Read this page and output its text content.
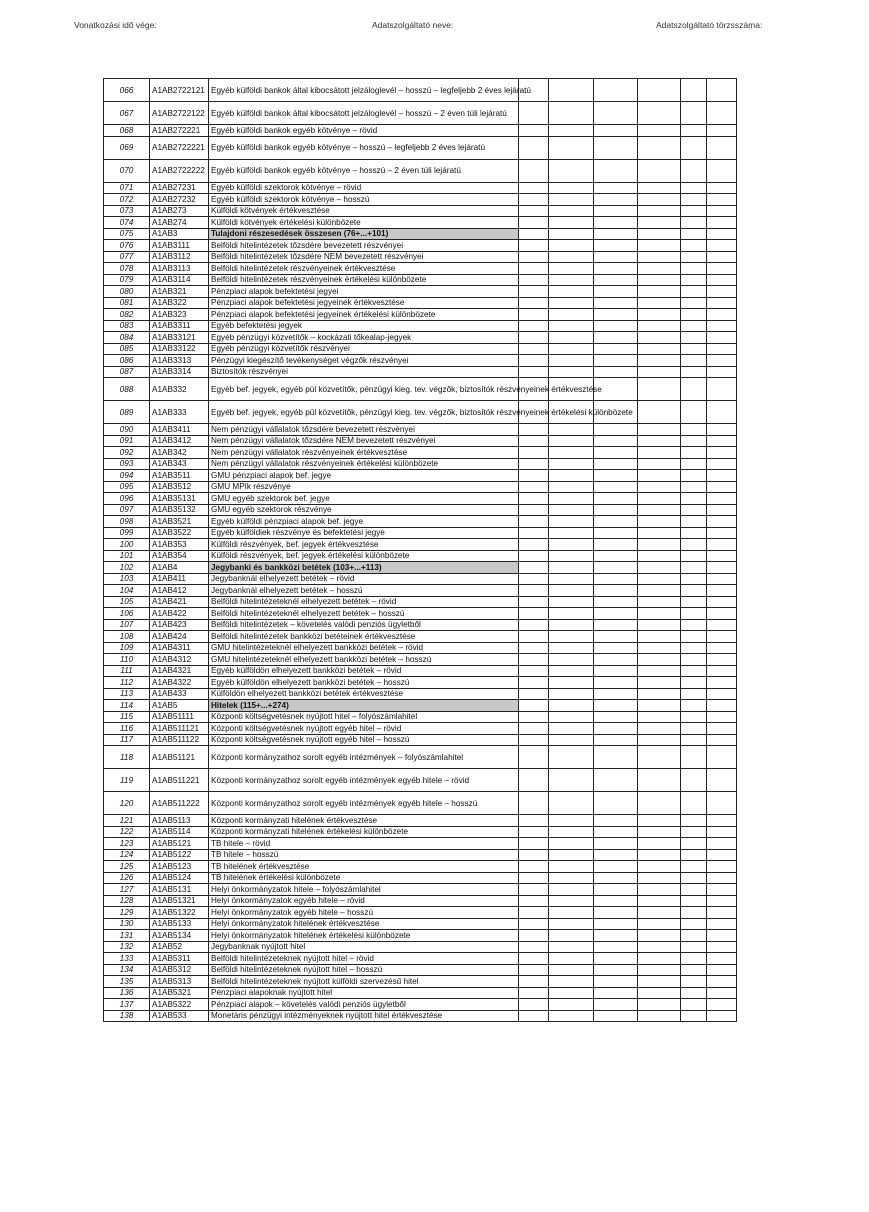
Vonatkozási idő vége:	Adatszolgáltató neve:	Adatszolgáltató törzsszáma:
066	A1AB2722121	Egyéb külföldi bankok által kibocsátott jelzáloglevél – hosszú – legfeljebb 2 éves lejáratú						
067	A1AB2722122	Egyéb külföldi bankok által kibocsátott jelzáloglevél – hosszú – 2 éven túli lejáratú						
068	A1AB272221	Egyéb külföldi bankok egyéb kötvénye – rövid						
069	A1AB2722221	Egyéb külföldi bankok egyéb kötvénye – hosszú – legfeljebb 2 éves lejáratú						
070	A1AB2722222	Egyéb külföldi bankok egyéb kötvénye – hosszú – 2 éven túli lejáratú						
071	A1AB27231	Egyéb külföldi szektorok kötvénye – rövid						
072	A1AB27232	Egyéb külföldi szektorok kötvénye – hosszú						
073	A1AB273	Külföldi kötvények értékvesztése						
074	A1AB274	Külföldi kötvények értékelési különbözete						
075	A1AB3	Tulajdoni részesedések összesen (76+...+101)						
076	A1AB3111	Belföldi hitelintézetek tőzsdére bevezetett részvényei						
077	A1AB3112	Belföldi hitelintézetek tőzsdére NEM bevezetett részvényei						
078	A1AB3113	Belföldi hitelintézetek részvényeinek értékvesztése						
079	A1AB3114	Belföldi hitelintézetek részvényeinek értékelési különbözete						
080	A1AB321	Pénzpiaci alapok befektetési jegyei						
081	A1AB322	Pénzpiaci alapok befektetési jegyeinek értékvesztése						
082	A1AB323	Pénzpiaci alapok befektetési jegyeinek értékelési különbözete						
083	A1AB3311	Egyéb befektetési jegyek						
084	A1AB33121	Egyéb pénzügyi közvetítők – kockázati tőkealap-jegyek						
085	A1AB33122	Egyéb pénzügyi közvetítők részvényei						
086	A1AB3313	Pénzügyi kiegészítő tevékenységet végzők részvényei						
087	A1AB3314	Biztosítók részvényei						
088	A1AB332	Egyéb bef. jegyek, egyéb pül közvetítők, pénzügyi kieg. tev. végzők, biztosítók részvényeinek értékvesztése						
089	A1AB333	Egyéb bef. jegyek, egyéb pül közvetítők, pénzügyi kieg. tev. végzők, biztosítók részvényeinek értékelési különbözete						
090	A1AB3411	Nem pénzügyi vállalatok tőzsdére bevezetett részvényei						
091	A1AB3412	Nem pénzügyi vállalatok tőzsdére NEM bevezetett részvényei						
092	A1AB342	Nem pénzügyi vállalatok részvényeinek értékvesztése						
093	A1AB343	Nem pénzügyi vállalatok részvényeinek értékelési különbözete						
094	A1AB3511	GMU pénzpiaci alapok bef. jegye						
095	A1AB3512	GMU MPIk részvénye						
096	A1AB35131	GMU egyéb szektorok bef. jegye						
097	A1AB35132	GMU egyéb szektorok részvénye						
098	A1AB3521	Egyéb külföldi pénzpiaci alapok bef. jegye						
099	A1AB3522	Egyéb külföldiek részvénye és befektetési jegye						
100	A1AB353	Külföldi részvények, bef. jegyek értékvesztése						
101	A1AB354	Külföldi részvények, bef. jegyek értékelési különbözete						
102	A1AB4	Jegybanki és bankközi betétek (103+...+113)						
103	A1AB411	Jegybanknál elhelyezett betétek – rövid						
104	A1AB412	Jegybanknál elhelyezett betétek – hosszú						
105	A1AB421	Belföldi hitelintézeteknél elhelyezett betétek – rövid						
106	A1AB422	Belföldi hitelintézeteknél elhelyezett betétek – hosszú						
107	A1AB423	Belföldi hitelintézetek – követelés valódi penziós ügyletből						
108	A1AB424	Belföldi hitelintézetek bankközi betéteinek értékvesztése						
109	A1AB4311	GMU hitelintézeteknél elhelyezett bankközi betétek – rövid						
110	A1AB4312	GMU hitelintézeteknél elhelyezett bankközi betétek – hosszú						
111	A1AB4321	Egyéb külföldön elhelyezett bankközi betétek – rövid						
112	A1AB4322	Egyéb külföldön elhelyezett bankközi betétek – hosszú						
113	A1AB433	Külföldön elhelyezett bankközi betétek értékvesztése						
114	A1AB5	Hitelek (115+...+274)						
115	A1AB51111	Központi költségvetésnek nyújtott hitel – folyószámlahitel						
116	A1AB511121	Központi költségvetésnek nyújtott egyéb hitel – rövid						
117	A1AB511122	Központi költségvetésnek nyújtott egyéb hitel – hosszú						
118	A1AB51121	Központi kormányzathoz sorolt egyéb intézmények – folyószámlahitel						
119	A1AB511221	Központi kormányzathoz sorolt egyéb intézmények egyéb hitele – rövid						
120	A1AB511222	Központi kormányzathoz sorolt egyéb intézmények egyéb hitele – hosszú						
121	A1AB5113	Központi kormányzati hitelének értékvesztése						
122	A1AB5114	Központi kormányzati hitelének értékelési különbözete						
123	A1AB5121	TB hitele – rövid						
124	A1AB5122	TB hitele – hosszú						
125	A1AB5123	TB hitelének értékvesztése						
126	A1AB5124	TB hitelének értékelési különbözete						
127	A1AB5131	Helyi önkormányzatok hitele – folyószámlahitel						
128	A1AB51321	Helyi önkormányzatok egyéb hitele – rövid						
129	A1AB51322	Helyi önkormányzatok egyéb hitele – hosszú						
130	A1AB5133	Helyi önkormányzatok hitelének értékvesztése						
131	A1AB5134	Helyi önkormányzatok hitelének értékelési különbözete						
132	A1AB52	Jegybanknak nyújtott hitel						
133	A1AB5311	Belföldi hitelintézeteknek nyújtott hitel – rövid						
134	A1AB5312	Belföldi hitelintézeteknek nyújtott hitel – hosszú						
135	A1AB5313	Belföldi hitelintézeteknek nyújtott külföldi szervezésű hitel						
136	A1AB5321	Pénzpiaci alapoknak nyújtott hitel						
137	A1AB5322	Pénzpiaci alapok – követelés valódi penziós ügyletből						
138	A1AB533	Monetáris pénzügyi intézményeknek nyújtott hitel értékvesztése						
